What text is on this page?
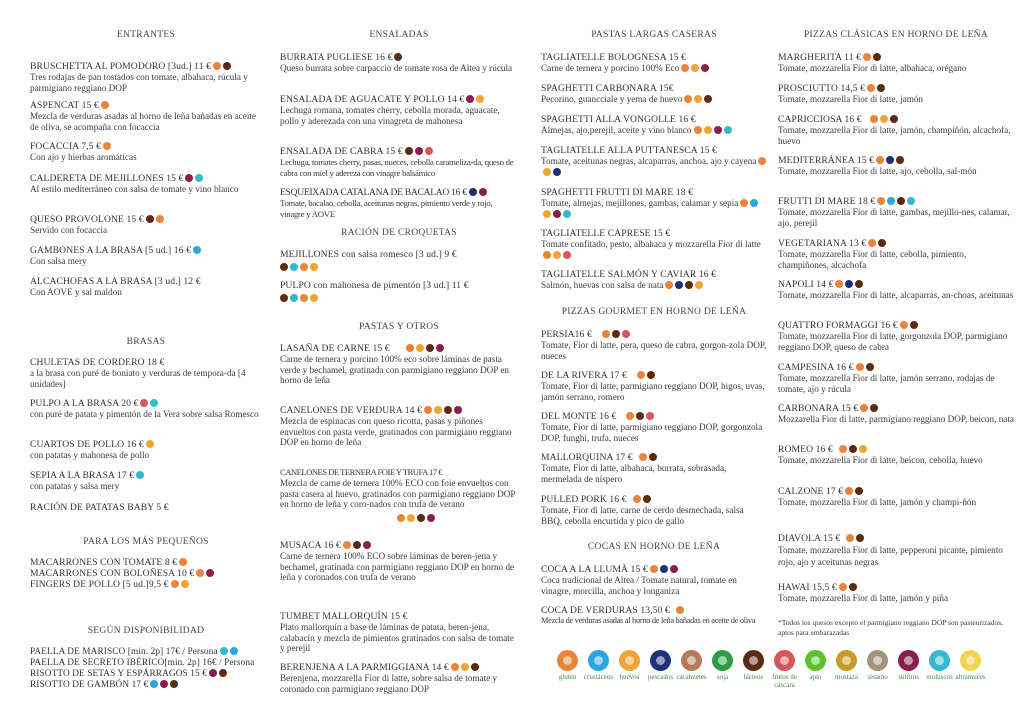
ENTRANTES
BRUSCHETTA AL POMODORO [3ud.] 11 €
Tres rodajas de pan tostados con tomate, albahaca, rúcula y parmigiano reggiano DOP
ASPENCAT 15 €
Mezcla de verduras asadas al horno de leña bañadas en aceite de oliva, se acompaña con focaccia
FOCACCIA 7,5 €
Con ajo y hierbas aromáticas
CALDERETA DE MEJILLONES 15 €
Al estilo mediterráneo con salsa de tomate y vino blanco
QUESO PROVOLONE 15 €
Servido con focaccia
GAMBONES A LA BRASA [5 ud.] 16 €
Con salsa mery
ALCACHOFAS A LA BRASA [3 ud.] 12 €
Con AOVE y sal maldon
BRASAS
CHULETAS DE CORDERO 18 €
a la brasa con puré de boniato y verduras de tempora-da [4 unidades]
PULPO A LA BRASA 20 €
con puré de patata y pimentón de la Vera sobre salsa Romesco
CUARTOS DE POLLO 16 €
con patatas y mahonesa de pollo
SEPIA A LA BRASA 17 €
con patatas y salsa mery
RACIÓN DE PATATAS BABY 5 €
PARA LOS MÁS PEQUEÑOS
MACARRONES CON TOMATE 8 €
MACARRONES CON BOLOÑESA 10 €
FINGERS DE POLLO [5 ud.]9,5 €
SEGÚN DISPONIBILIDAD
PAELLA DE MARISCO [min. 2p] 17€ / Persona
PAELLA DE SECRETO IBÉRICO[min. 2p] 16€ / Persona
RISOTTO DE SETAS Y ESPÁRRAGOS 15 €
RISOTTO DE GAMBÓN 17 €
ENSALADAS
BURRATA PUGLIESE 16 €
Queso burrata sobre carpaccio de tomate rosa de Altea y rúcula
ENSALADA DE AGUACATE Y POLLO 14 €
Lechuga romana, tomates cherry, cebolla morada, aguacate, pollo y aderezada con una vinagreta de mahonesa
ENSALADA DE CABRA 15 €
Lechuga, tomates cherry, pasas, nueces, cebolla carameliza-da, queso de cabra con miel y adereza con vinagre balsámico
ESQUEIXADA CATALANA DE BACALAO 16 €
Tomate, bacalao, cebolla, aceitunas negras, pimiento verde y rojo, vinagre y AOVE
RACIÓN DE CROQUETAS
MEJILLONES con salsa romesco [3 ud.] 9 €
PULPO con mahonesa de pimentón [3 ud.] 11 €
PASTAS Y OTROS
LASAÑA DE CARNE 15 €
Carne de ternera y porcino 100% eco sobre láminas de pasta verde y bechamel, gratinada con parmigiano reggiano DOP en horno de leña
CANELONES DE VERDURA 14 €
Mezcla de espinacas con queso ricotta, pasas y piñones envueltos con pasta verde, gratinados con parmigiano reggiano DOP en horno de leña
CANELONES DE TERNERA FOIE Y TRUFA 17 €
Mezcla de carne de ternera 100% ECO con foie envueltos con pasta casera al huevo, gratinados con parmigiano reggiano DOP en horno de leña y coro-nados con trufa de verano
MUSACA 16 €
Carne de ternera 100% ECO sobre láminas de beren-jena y bechamel, gratinada con parmigiano reggiano DOP en horno de leña y coronados con trufa de verano
TUMBET MALLORQUÍN 15 €
Plato mallorquín a base de láminas de patata, beren-jena, calabacín y mezcla de pimientos gratinados con salsa de tomate y perejil
BERENJENA A LA PARMIGGIANA 14 €
Berenjena, mozzarella Fior di latte, sobre salsa de tomate y coronado con parmigiano reggiano DOP
PASTAS LARGAS CASERAS
TAGLIATELLE BOLOGNESA 15 €
Carne de ternera y porcino 100% Eco
SPAGHETTI CARBONARA 15€
Pecorino, guancciale y yema de huevo
SPAGHETTI ALLA VONGOLLE 16 €
Almejas, ajo,perejil, aceite y vino blanco
TAGLIATELLE ALLA PUTTANESCA 15 €
Tomate, aceitunas negras, alcaparras, anchoa, ajo y cayena
SPAGHETTI FRUTTI DI MARE 18 €
Tomate, almejas, mejillones, gambas, calamar y sepia
TAGLIATELLE CAPRESE 15 €
Tomate confitado, pesto, albahaca y mozzarella Fior di latte
TAGLIATELLE SALMÓN Y CAVIAR 16 €
Salmón, huevas con salsa de nata
PIZZAS GOURMET EN HORNO DE LEÑA
PERSIA16 €
Tomate, Fior di latte, pera, queso de cabra, gorgon-zola DOP, nueces
DE LA RIVERA 17 €
Tomate, Fior di latte, parmigiano reggiano DOP, higos, uvas, jamón serrano, romero
DEL MONTE 16 €
Tomate, Fior di latte, parmigiano reggiano DOP, gorgonzola DOP, funghi, trufa, nueces
MALLORQUINA 17 €
Tomate, Fior di latte, albahaca, burrata, sobrasada, mermelada de níspero
PULLED PORK 16 €
Tomate, Fior di latte, carne de cerdo desmechada, salsa BBQ, cebolla encurtida y pico de gallo
COCAS EN HORNO DE LEÑA
COCA A LA LLUMÀ 15 €
Coca tradicional de Altea / Tomate natural, tomate en vinagre, morcilla, anchoa y longaniza
COCA DE VERDURAS 13,50 €
Mezcla de verduras asadas al horno de leña bañadas en aceite de oliva
PIZZAS CLÁSICAS EN HORNO DE LEÑA
MARGHERITA 11 €
Tomate, mozzarella Fior di latte, albahaca, orégano
PROSCIUTTO 14,5 €
Tomate, mozzarella Fior di latte, jamón
CAPRICCIOSA 16 €
Tomate, mozzarella Fior di latte, jamón, champiñón, alcachofa, huevo
MEDITERRÁNEA 15 €
Tomate, mozzarella Fior di latte, ajo, cebolla, sal-món
FRUTTI DI MARE 18 €
Tomate, mozzarella Fior di latte, gambas, mejillo-nes, calamar, ajo, perejil
VEGETARIANA 13 €
Tomate, mozzarella Fior di latte, cebolla, pimiento, champiñones, alcachofa
NAPOLI 14 €
Tomate, mozzarella Fior di latte, alcaparras, an-choas, aceitunas
QUATTRO FORMAGGI 16 €
Tomate, mozzarella Fior di latte, gorgonzola DOP, parmigiano reggiano DOP, queso de cabra
CAMPESINA 16 €
Tomate, mozzarella Fior di latte, jamón serrano, rodajas de tomate, ajo y rúcula
CARBONARA 15 €
Mozzarella Fior di latte, parmigiano reggiano DOP, beicon, nata
ROMEO 16 €
Tomate, mozzarella Fior di latte, beicon, cebolla, huevo
CALZONE 17 €
Tomate, mozzarella Fior di latte, jamón y champi-ñón
DIAVOLA 15 €
Tomate, mozzarella Fior di latte, pepperoni picante, pimiento rojo, ajo y aceitunas negras
HAWAI 15,5 €
Tomate, mozzarella Fior di latte, jamón y piña
*Todos los quesos excepto el parmigiano reggiano DOP son pasteurizados, aptos para embarazadas
gluten	crustáceos huevos	pescados cacahuetes	soja	lácteos	frutos de cáscara
apio	mostaza	sésamo	sulfitos	moluscos altramuces
